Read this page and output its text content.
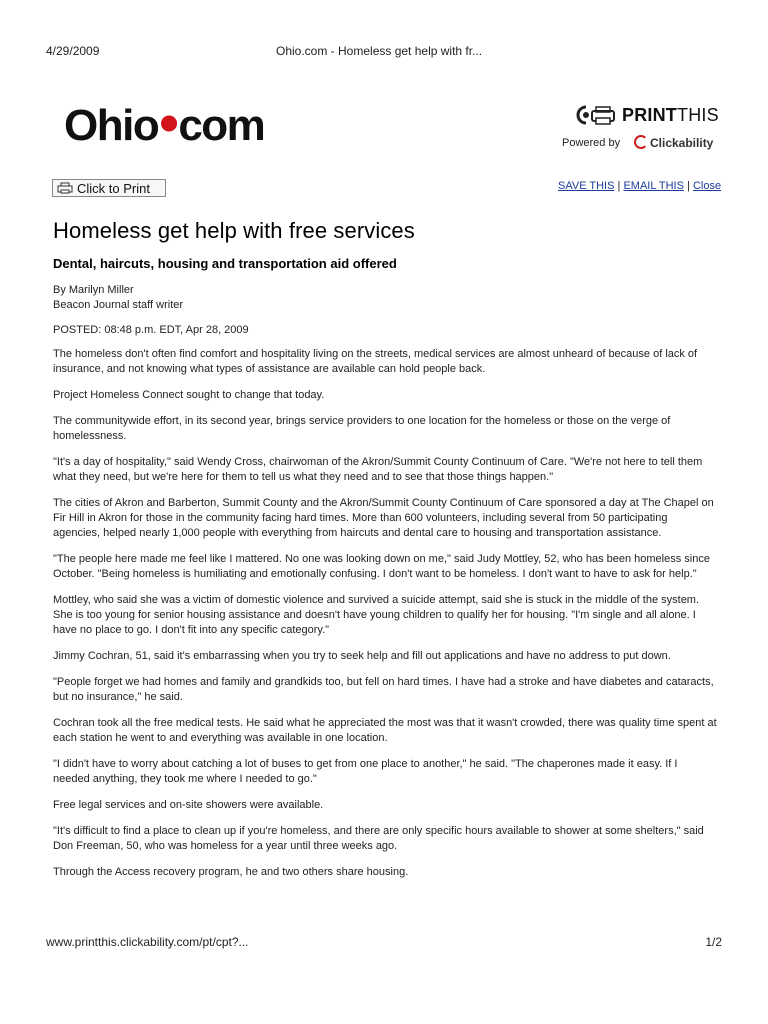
4/29/2009	Ohio.com - Homeless get help with fr...
Ohio•com	PRINTTHIS
Powered by	Clickability
Click to Print	SAVE THIS | EMAIL THIS | Close
Homeless get help with free services
Dental, haircuts, housing and transportation aid offered
By Marilyn Miller
Beacon Journal staff writer
POSTED: 08:48 p.m. EDT, Apr 28, 2009

The homeless don't often find comfort and hospitality living on the streets, medical services are almost unheard of because of lack of insurance, and not knowing what types of assistance are available can hold people back.

Project Homeless Connect sought to change that today.

The communitywide effort, in its second year, brings service providers to one location for the homeless or those on the verge of homelessness.

"It's a day of hospitality," said Wendy Cross, chairwoman of the Akron/Summit County Continuum of Care. "We're not here to tell them what they need, but we're here for them to tell us what they need and to see that those things happen."

The cities of Akron and Barberton, Summit County and the Akron/Summit County Continuum of Care sponsored a day at The Chapel on Fir Hill in Akron for those in the community facing hard times. More than 600 volunteers, including several from 50 participating agencies, helped nearly 1,000 people with everything from haircuts and dental care to housing and transportation assistance.

"The people here made me feel like I mattered. No one was looking down on me," said Judy Mottley, 52, who has been homeless since October. "Being homeless is humiliating and emotionally confusing. I don't want to be homeless. I don't want to have to ask for help."

Mottley, who said she was a victim of domestic violence and survived a suicide attempt, said she is stuck in the middle of the system. She is too young for senior housing assistance and doesn't have young children to qualify her for housing. "I'm single and all alone. I have no place to go. I don't fit into any specific category."

Jimmy Cochran, 51, said it's embarrassing when you try to seek help and fill out applications and have no address to put down.

"People forget we had homes and family and grandkids too, but fell on hard times. I have had a stroke and have diabetes and cataracts, but no insurance," he said.

Cochran took all the free medical tests. He said what he appreciated the most was that it wasn't crowded, there was quality time spent at each station he went to and everything was available in one location.

"I didn't have to worry about catching a lot of buses to get from one place to another," he said. "The chaperones made it easy. If I needed anything, they took me where I needed to go."

Free legal services and on-site showers were available.

"It's difficult to find a place to clean up if you're homeless, and there are only specific hours available to shower at some shelters," said Don Freeman, 50, who was homeless for a year until three weeks ago.

Through the Access recovery program, he and two others share housing.

www.printthis.clickability.com/pt/cpt?...	1/2
